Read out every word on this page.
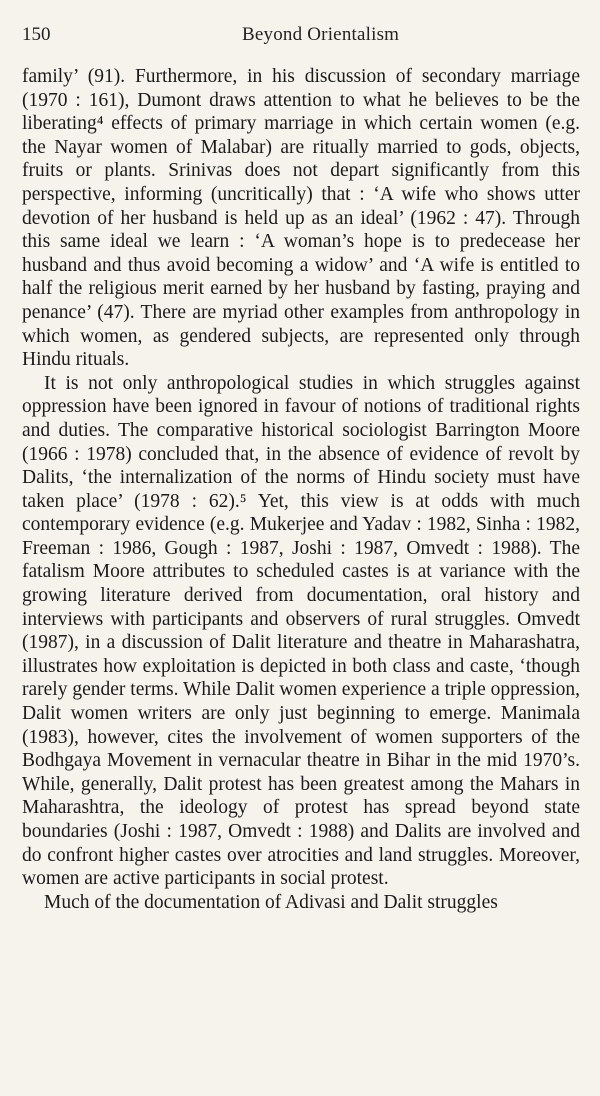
150	Beyond Orientalism

family’ (91). Furthermore, in his discussion of secondary marriage (1970 : 161), Dumont draws attention to what he believes to be the liberating⁴ effects of primary marriage in which certain women (e.g. the Nayar women of Malabar) are ritually married to gods, objects, fruits or plants. Srinivas does not depart significantly from this perspective, informing (uncritically) that : ‘A wife who shows utter devotion of her husband is held up as an ideal’ (1962 : 47). Through this same ideal we learn : ‘A woman’s hope is to predecease her husband and thus avoid becoming a widow’ and ‘A wife is entitled to half the religious merit earned by her husband by fasting, praying and penance’ (47). There are myriad other examples from anthropology in which women, as gendered subjects, are represented only through Hindu rituals.

It is not only anthropological studies in which struggles against oppression have been ignored in favour of notions of traditional rights and duties. The comparative historical sociologist Barrington Moore (1966 : 1978) concluded that, in the absence of evidence of revolt by Dalits, ‘the internalization of the norms of Hindu society must have taken place’ (1978 : 62).⁵ Yet, this view is at odds with much contemporary evidence (e.g. Mukerjee and Yadav : 1982, Sinha : 1982, Freeman : 1986, Gough : 1987, Joshi : 1987, Omvedt : 1988). The fatalism Moore attributes to scheduled castes is at variance with the growing literature derived from documentation, oral history and interviews with participants and observers of rural struggles. Omvedt (1987), in a discussion of Dalit literature and theatre in Maharashatra, illustrates how exploitation is depicted in both class and caste, ‘though rarely gender terms. While Dalit women experience a triple oppression, Dalit women writers are only just beginning to emerge. Manimala (1983), however, cites the involvement of women supporters of the Bodhgaya Movement in vernacular theatre in Bihar in the mid 1970’s. While, generally, Dalit protest has been greatest among the Mahars in Maharashtra, the ideology of protest has spread beyond state boundaries (Joshi : 1987, Omvedt : 1988) and Dalits are involved and do confront higher castes over atrocities and land struggles. Moreover, women are active participants in social protest.

Much of the documentation of Adivasi and Dalit struggles
